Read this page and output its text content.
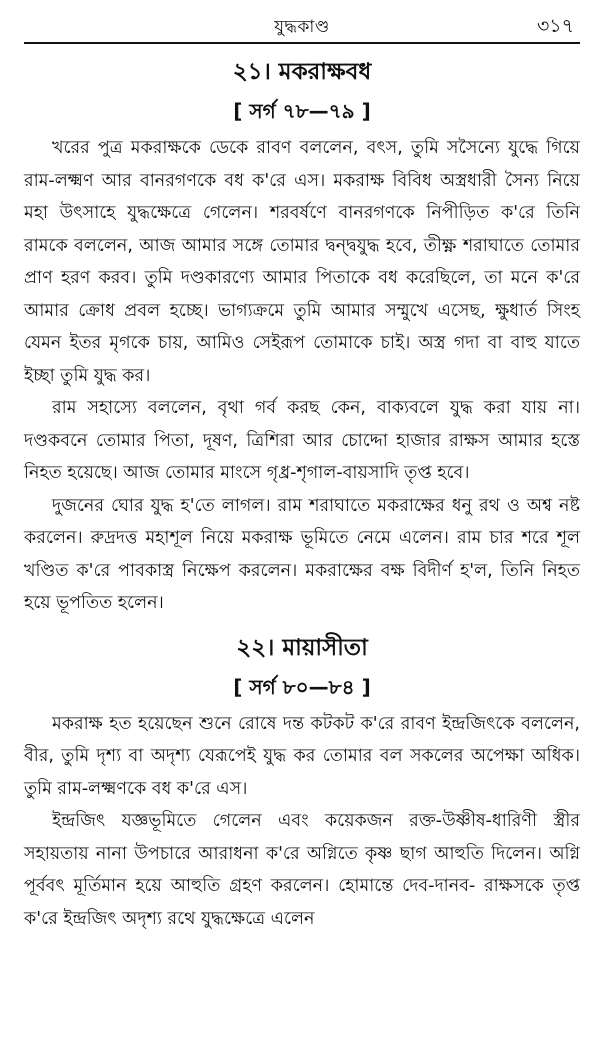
যুদ্ধকাণ্ড	৩১৭
২১। মকরাক্ষবধ
[ সর্গ ৭৮—৭৯ ]

খরের পুত্র মকরাক্ষকে ডেকে রাবণ বললেন, বৎস, তুমি সসৈন্যে যুদ্ধে গিয়ে রাম-লক্ষ্মণ আর বানরগণকে বধ ক'রে এস। মকরাক্ষ বিবিধ অস্ত্রধারী সৈন্য নিয়ে মহা উৎসাহে যুদ্ধক্ষেত্রে গেলেন। শরবর্ষণে বানরগণকে নিপীড়িত ক'রে তিনি রামকে বললেন, আজ আমার সঙ্গে তোমার দ্বন্দ্বযুদ্ধ হবে, তীক্ষ্ণ শরাঘাতে তোমার প্রাণ হরণ করব। তুমি দণ্ডকারণ্যে আমার পিতাকে বধ করেছিলে, তা মনে ক'রে আমার ক্রোধ প্রবল হচ্ছে। ভাগ্যক্রমে তুমি আমার সম্মুখে এসেছ, ক্ষুধার্ত সিংহ যেমন ইতর মৃগকে চায়, আমিও সেইরূপ তোমাকে চাই। অস্ত্র গদা বা বাহু যাতে ইচ্ছা তুমি যুদ্ধ কর।

রাম সহাস্যে বললেন, বৃথা গর্ব করছ কেন, বাক্যবলে যুদ্ধ করা যায় না। দণ্ডকবনে তোমার পিতা, দূষণ, ত্রিশিরা আর চোদ্দো হাজার রাক্ষস আমার হস্তে নিহত হয়েছে। আজ তোমার মাংসে গৃধ্র-শৃগাল-বায়সাদি তৃপ্ত হবে।

দুজনের ঘোর যুদ্ধ হ'তে লাগল। রাম শরাঘাতে মকরাক্ষের ধনু রথ ও অশ্ব নষ্ট করলেন। রুদ্রদত্ত মহাশূল নিয়ে মকরাক্ষ ভূমিতে নেমে এলেন। রাম চার শরে শূল খণ্ডিত ক'রে পাবকাস্ত্র নিক্ষেপ করলেন। মকরাক্ষের বক্ষ বিদীর্ণ হ'ল, তিনি নিহত হয়ে ভূপতিত হলেন।

২২। মায়াসীতা
[ সর্গ ৮০—৮৪ ]

মকরাক্ষ হত হয়েছেন শুনে রোষে দন্ত কটকট ক'রে রাবণ ইন্দ্রজিৎকে বললেন, বীর, তুমি দৃশ্য বা অদৃশ্য যেরূপেই যুদ্ধ কর তোমার বল সকলের অপেক্ষা অধিক। তুমি রাম-লক্ষ্মণকে বধ ক'রে এস।

ইন্দ্রজিৎ যজ্ঞভূমিতে গেলেন এবং কয়েকজন রক্ত-উষ্ণীষ-ধারিণী স্ত্রীর সহায়তায় নানা উপচারে আরাধনা ক'রে অগ্নিতে কৃষ্ণ ছাগ আহুতি দিলেন। অগ্নি পূর্ববৎ মূর্তিমান হয়ে আহুতি গ্রহণ করলেন। হোমান্তে দেব-দানব- রাক্ষসকে তৃপ্ত ক'রে ইন্দ্রজিৎ অদৃশ্য রথে যুদ্ধক্ষেত্রে এলেন
